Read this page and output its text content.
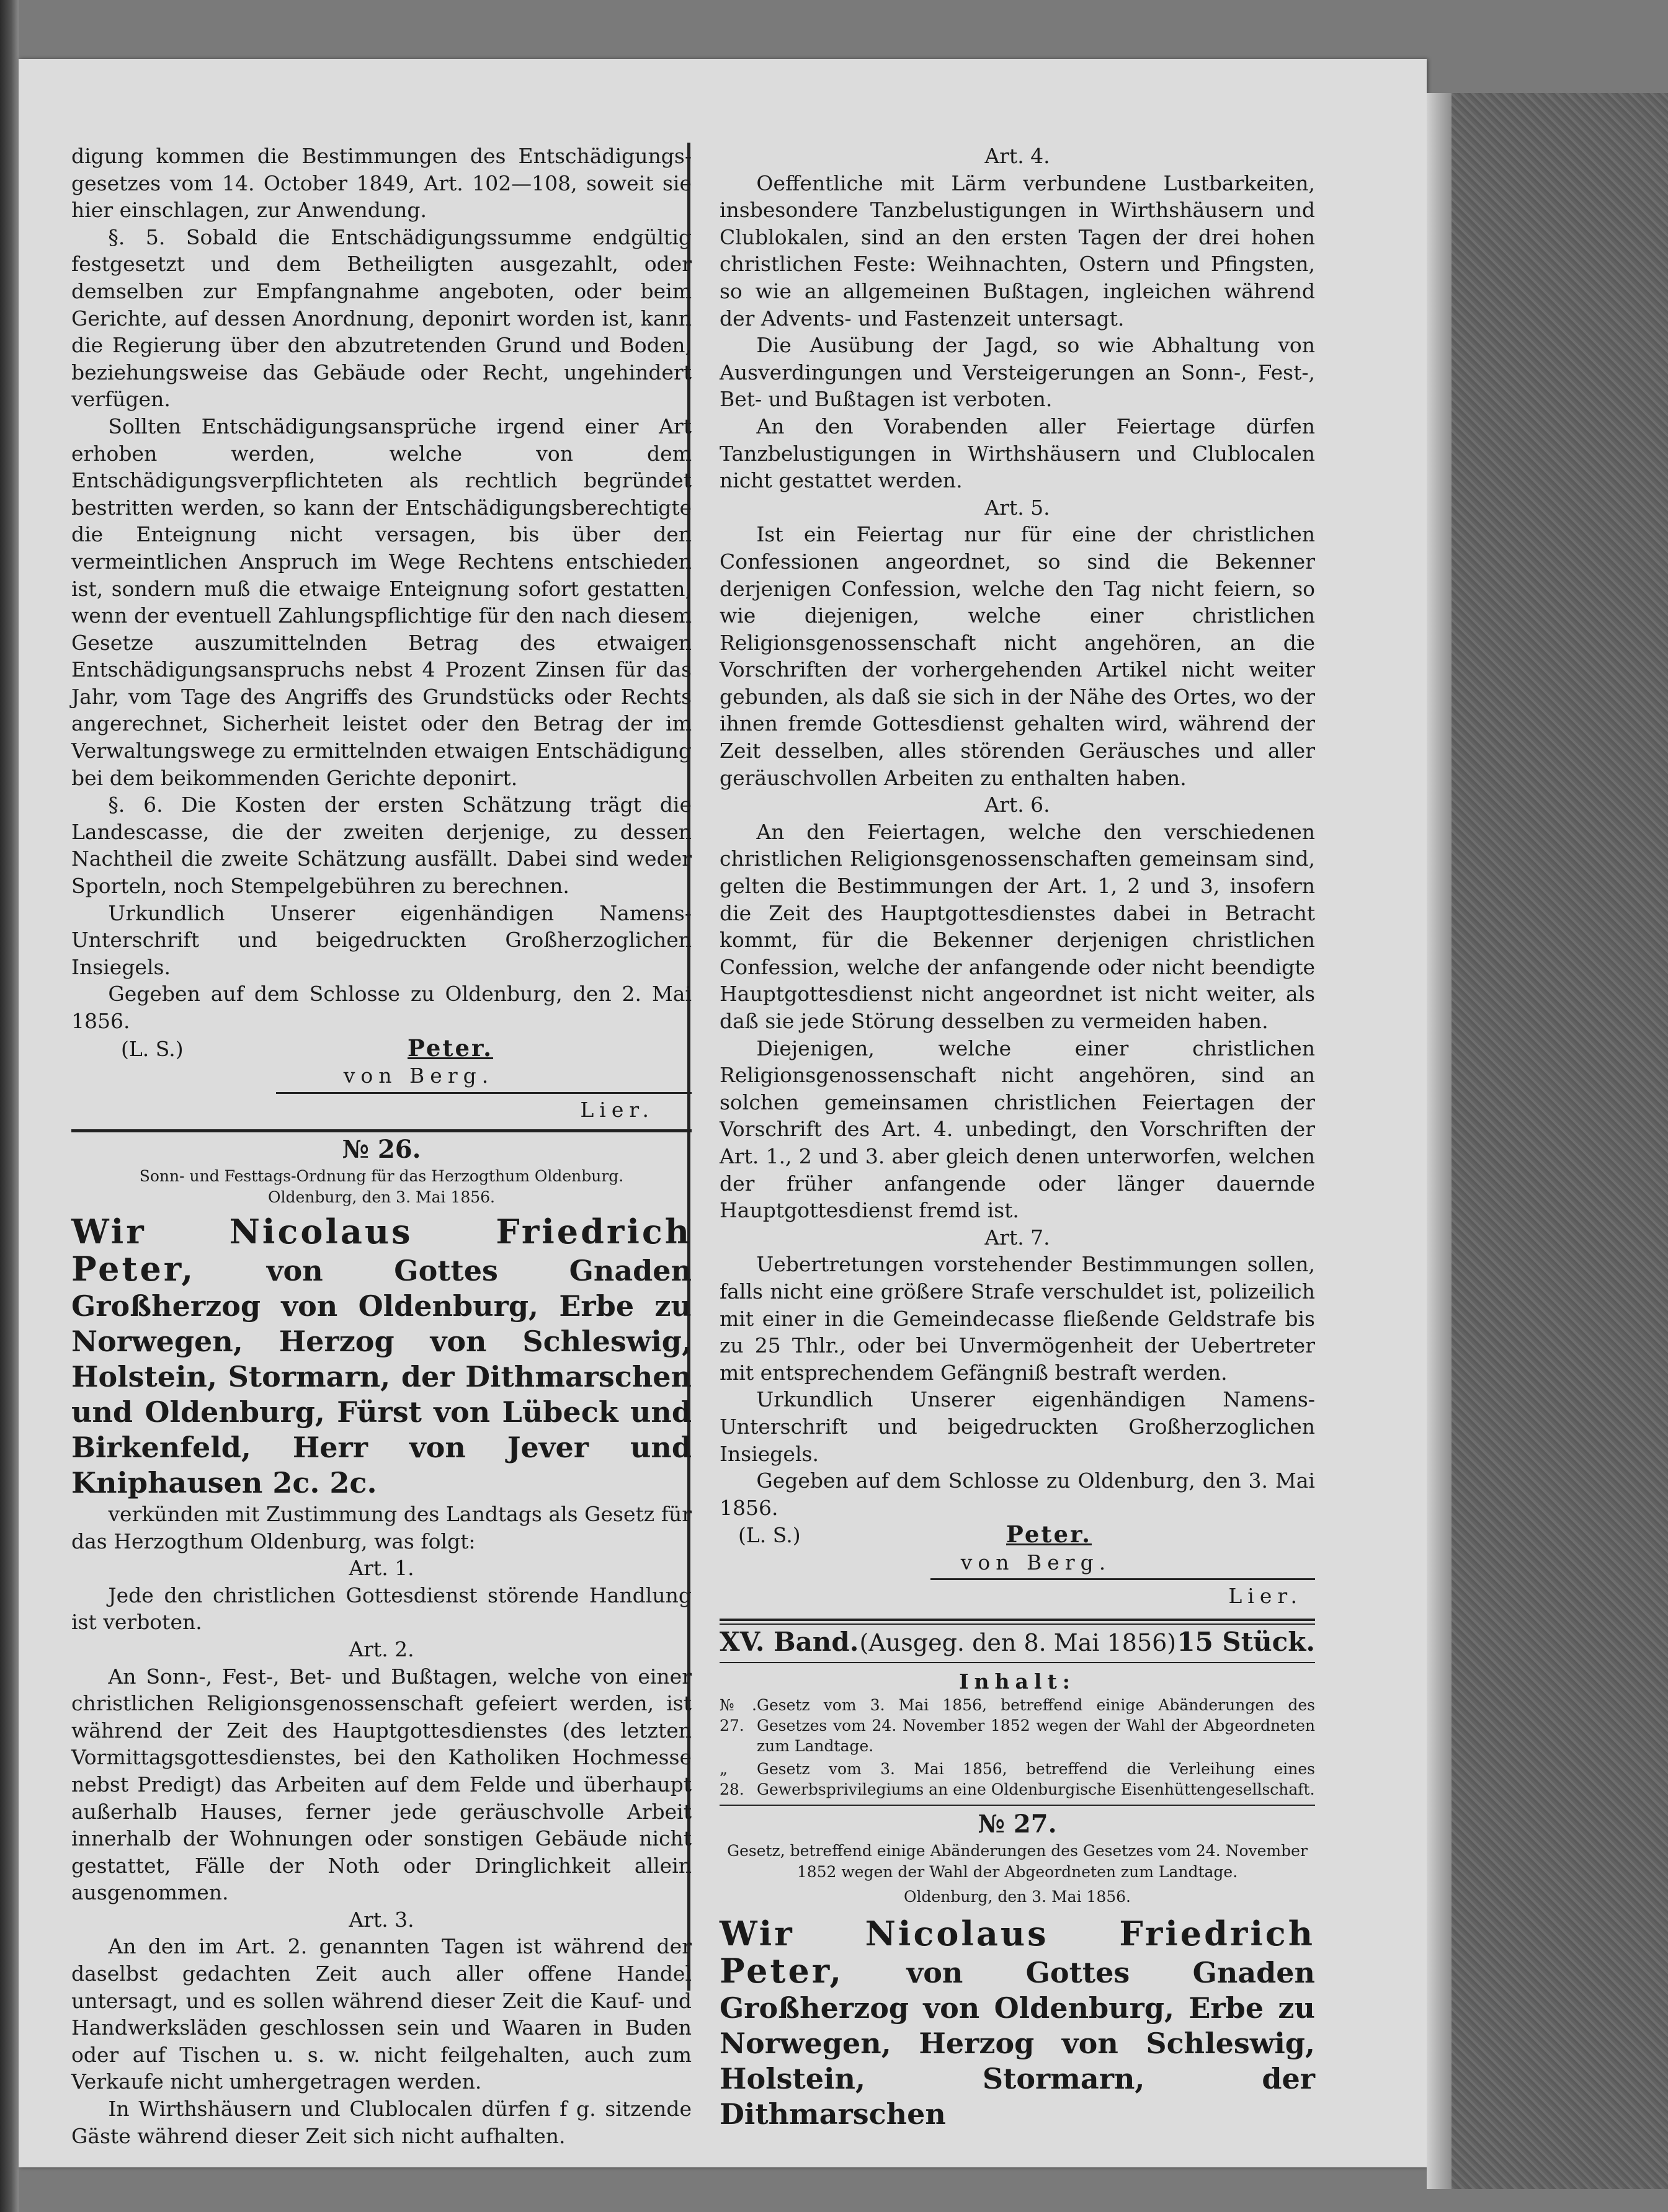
digung kommen die Bestimmungen des Entschädigungs-gesetzes vom 14. October 1849, Art. 102—108, soweit sie hier einschlagen, zur Anwendung.

§. 5. Sobald die Entschädigungssumme endgültig festgesetzt und dem Betheiligten ausgezahlt, oder demselben zur Empfangnahme angeboten, oder beim Gerichte, auf dessen Anordnung, deponirt worden ist, kann die Regierung über den abzutretenden Grund und Boden, beziehungsweise das Gebäude oder Recht, ungehindert verfügen.

Sollten Entschädigungsansprüche irgend einer Art erhoben werden, welche von dem Entschädigungsverpflichteten als rechtlich begründet bestritten werden, so kann der Entschädigungsberechtigte die Enteignung nicht versagen, bis über den vermeintlichen Anspruch im Wege Rechtens entschieden ist, sondern muß die etwaige Enteignung sofort gestatten, wenn der eventuell Zahlungspflichtige für den nach diesem Gesetze auszumittelnden Betrag des etwaigen Entschädigungsanspruchs nebst 4 Prozent Zinsen für das Jahr, vom Tage des Angriffs des Grundstücks oder Rechts angerechnet, Sicherheit leistet oder den Betrag der im Verwaltungswege zu ermittelnden etwaigen Entschädigung bei dem beikommenden Gerichte deponirt.

§. 6. Die Kosten der ersten Schätzung trägt die Landescasse, die der zweiten derjenige, zu dessen Nachtheil die zweite Schätzung ausfällt. Dabei sind weder Sporteln, noch Stempelgebühren zu berechnen.

Urkundlich Unserer eigenhändigen Namens-Unterschrift und beigedruckten Großherzoglichen Insiegels.

Gegeben auf dem Schlosse zu Oldenburg, den 2. Mai 1856.

(L. S.)	Peter.
von Berg.
Lier.
№ 26.
Sonn- und Festtags-Ordnung für das Herzogthum Oldenburg.
Oldenburg, den 3. Mai 1856.
Wir Nicolaus Friedrich Peter, von Gottes Gnaden Großherzog von Oldenburg, Erbe zu Norwegen, Herzog von Schleswig, Holstein, Stormarn, der Dithmarschen und Oldenburg, Fürst von Lübeck und Birkenfeld, Herr von Jever und Kniphausen 2c. 2c.

verkünden mit Zustimmung des Landtags als Gesetz für das Herzogthum Oldenburg, was folgt:

Art. 1.

Jede den christlichen Gottesdienst störende Handlung ist verboten.

Art. 2.

An Sonn-, Fest-, Bet- und Bußtagen, welche von einer christlichen Religionsgenossenschaft gefeiert werden, ist während der Zeit des Hauptgottesdienstes (des letzten Vormittagsgottesdienstes, bei den Katholiken Hochmesse nebst Predigt) das Arbeiten auf dem Felde und überhaupt außerhalb Hauses, ferner jede geräuschvolle Arbeit innerhalb der Wohnungen oder sonstigen Gebäude nicht gestattet, Fälle der Noth oder Dringlichkeit allein ausgenommen.

Art. 3.

An den im Art. 2. genannten Tagen ist während der daselbst gedachten Zeit auch aller offene Handel untersagt, und es sollen während dieser Zeit die Kauf- und Handwerksläden geschlossen sein und Waaren in Buden oder auf Tischen u. s. w. nicht feilgehalten, auch zum Verkaufe nicht umhergetragen werden.

In Wirthshäusern und Clublocalen dürfen f g. sitzende Gäste während dieser Zeit sich nicht aufhalten.

Art. 4.

Oeffentliche mit Lärm verbundene Lustbarkeiten, insbesondere Tanzbelustigungen in Wirthshäusern und Clublokalen, sind an den ersten Tagen der drei hohen christlichen Feste: Weihnachten, Ostern und Pfingsten, so wie an allgemeinen Bußtagen, ingleichen während der Advents- und Fastenzeit untersagt.

Die Ausübung der Jagd, so wie Abhaltung von Ausverdingungen und Versteigerungen an Sonn-, Fest-, Bet- und Bußtagen ist verboten.

An den Vorabenden aller Feiertage dürfen Tanzbelustigungen in Wirthshäusern und Clublocalen nicht gestattet werden.

Art. 5.

Ist ein Feiertag nur für eine der christlichen Confessionen angeordnet, so sind die Bekenner derjenigen Confession, welche den Tag nicht feiern, so wie diejenigen, welche einer christlichen Religionsgenossenschaft nicht angehören, an die Vorschriften der vorhergehenden Artikel nicht weiter gebunden, als daß sie sich in der Nähe des Ortes, wo der ihnen fremde Gottesdienst gehalten wird, während der Zeit desselben, alles störenden Geräusches und aller geräuschvollen Arbeiten zu enthalten haben.

Art. 6.

An den Feiertagen, welche den verschiedenen christlichen Religionsgenossenschaften gemeinsam sind, gelten die Bestimmungen der Art. 1, 2 und 3, insofern die Zeit des Hauptgottesdienstes dabei in Betracht kommt, für die Bekenner derjenigen christlichen Confession, welche der anfangende oder nicht beendigte Hauptgottesdienst nicht angeordnet ist nicht weiter, als daß sie jede Störung desselben zu vermeiden haben.

Diejenigen, welche einer christlichen Religionsgenossenschaft nicht angehören, sind an solchen gemeinsamen christlichen Feiertagen der Vorschrift des Art. 4. unbedingt, den Vorschriften der Art. 1., 2 und 3. aber gleich denen unterworfen, welchen der früher anfangende oder länger dauernde Hauptgottesdienst fremd ist.

Art. 7.

Uebertretungen vorstehender Bestimmungen sollen, falls nicht eine größere Strafe verschuldet ist, polizeilich mit einer in die Gemeindecasse fließende Geldstrafe bis zu 25 Thlr., oder bei Unvermögenheit der Uebertreter mit entsprechendem Gefängniß bestraft werden.

Urkundlich Unserer eigenhändigen Namens-Unterschrift und beigedruckten Großherzoglichen Insiegels.

Gegeben auf dem Schlosse zu Oldenburg, den 3. Mai 1856.

(L. S.)	Peter.
von Berg.
Lier.
XV. Band. (Ausgeg. den 8. Mai 1856) 15 Stück.
Inhalt:
№. 27.
Gesetz vom 3. Mai 1856, betreffend einige Abänderungen des Gesetzes vom 24. November 1852 wegen der Wahl der Abgeordneten zum Landtage.
„ 28.
Gesetz vom 3. Mai 1856, betreffend die Verleihung eines Gewerbsprivilegiums an eine Oldenburgische Eisenhüttengesellschaft.
№ 27.
Gesetz, betreffend einige Abänderungen des Gesetzes vom 24. November 1852 wegen der Wahl der Abgeordneten zum Landtage.
Oldenburg, den 3. Mai 1856.
Wir Nicolaus Friedrich Peter, von Gottes Gnaden Großherzog von Oldenburg, Erbe zu Norwegen, Herzog von Schleswig, Holstein, Stormarn, der Dithmarschen
